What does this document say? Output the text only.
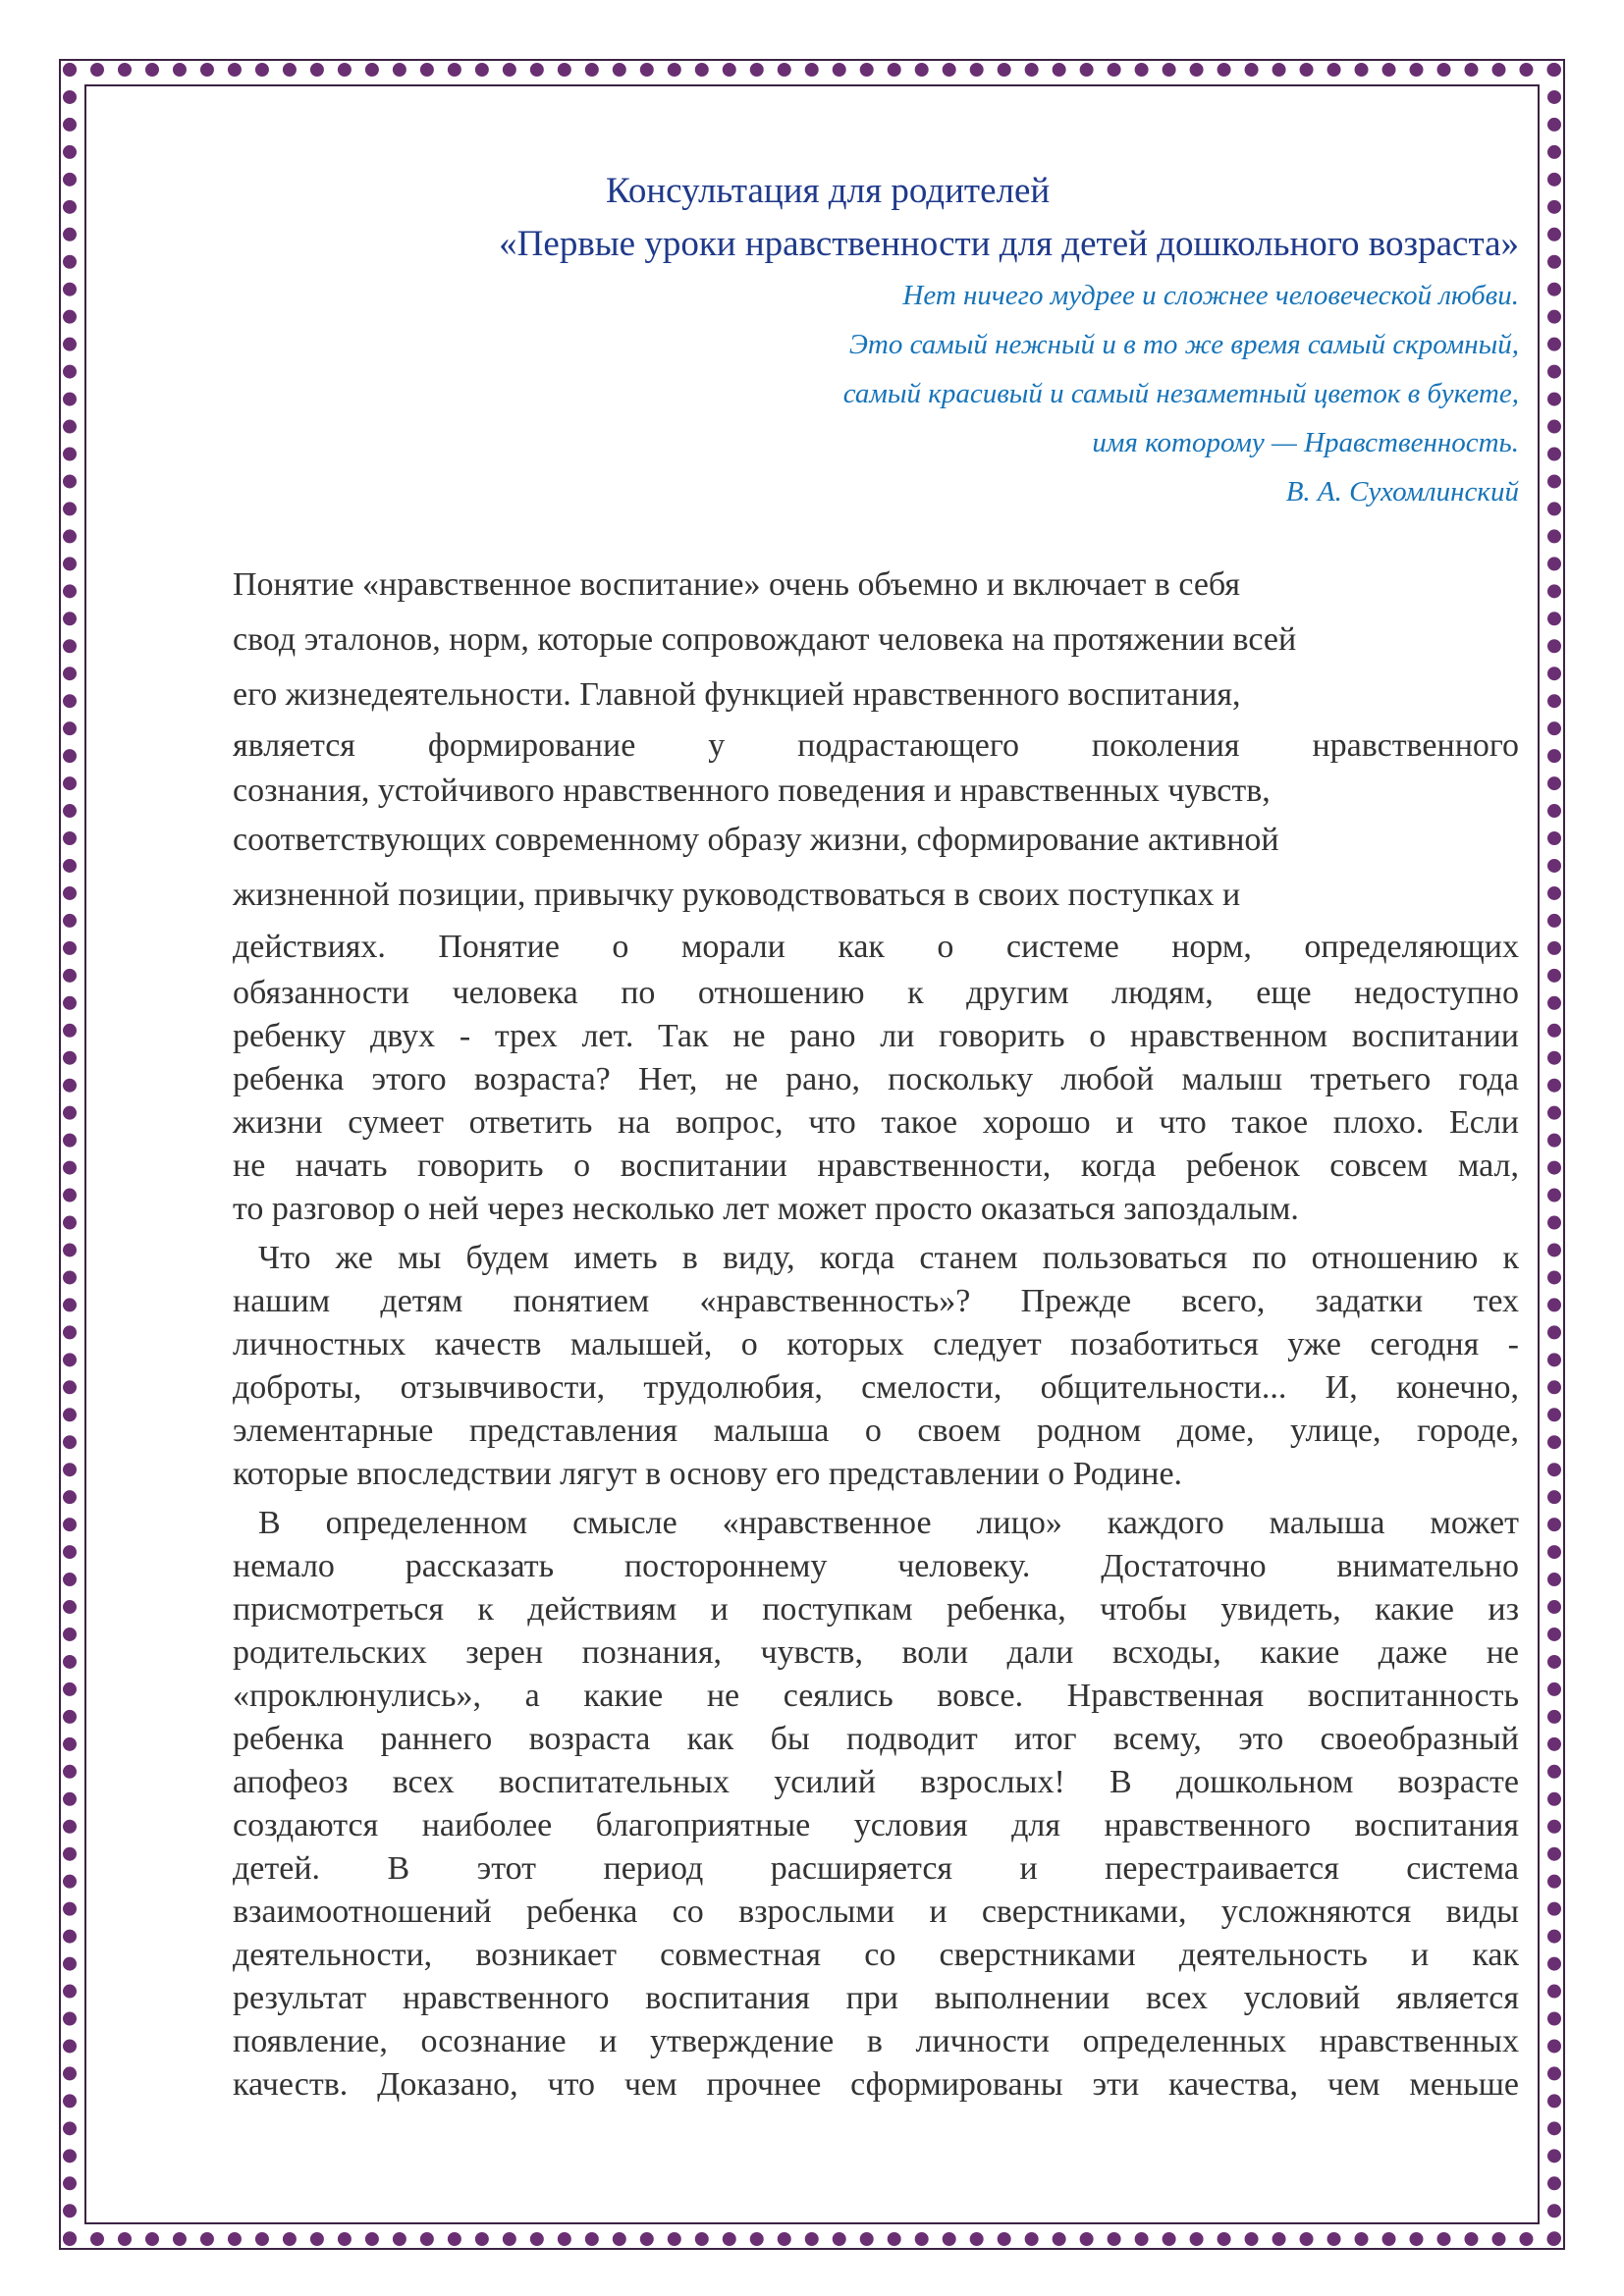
Консультация для родителей
«Первые уроки нравственности для детей дошкольного возраста»
Нет ничего мудрее и сложнее человеческой любви.
Это самый нежный и в то же время самый скромный,
самый красивый и самый незаметный цветок в букете,
имя которому — Нравственность.
В. А. Сухомлинский

Понятие «нравственное воспитание» очень объемно и включает в себя
свод эталонов, норм, которые сопровождают человека на протяжении всей
его жизнедеятельности. Главной функцией нравственного воспитания,
является формирование у подрастающего поколения нравственного
сознания, устойчивого нравственного поведения и нравственных чувств,
соответствующих современному образу жизни, сформирование активной
жизненной позиции, привычку руководствоваться в своих поступках и
действиях. Понятие о морали как о системе норм, определяющих
обязанности человека по отношению к другим людям, еще недоступно
ребенку двух - трех лет. Так не рано ли говорить о нравственном воспитании
ребенка этого возраста? Нет, не рано, поскольку любой малыш третьего года
жизни сумеет ответить на вопрос, что такое хорошо и что такое плохо. Если
не начать говорить о воспитании нравственности, когда ребенок совсем мал,
то разговор о ней через несколько лет может просто оказаться запоздалым.

Что же мы будем иметь в виду, когда станем пользоваться по отношению к
нашим детям понятием «нравственность»? Прежде всего, задатки тех
личностных качеств малышей, о которых следует позаботиться уже сегодня -
доброты, отзывчивости, трудолюбия, смелости, общительности... И, конечно,
элементарные представления малыша о своем родном доме, улице, городе,
которые впоследствии лягут в основу его представлении о Родине.

В определенном смысле «нравственное лицо» каждого малыша может
немало рассказать постороннему человеку. Достаточно внимательно
присмотреться к действиям и поступкам ребенка, чтобы увидеть, какие из
родительских зерен познания, чувств, воли дали всходы, какие даже не
«проклюнулись», а какие не сеялись вовсе. Нравственная воспитанность
ребенка раннего возраста как бы подводит итог всему, это своеобразный
апофеоз всех воспитательных усилий взрослых! В дошкольном возрасте
создаются наиболее благоприятные условия для нравственного воспитания
детей. В этот период расширяется и перестраивается система
взаимоотношений ребенка со взрослыми и сверстниками, усложняются виды
деятельности, возникает совместная со сверстниками деятельность и как
результат нравственного воспитания при выполнении всех условий является
появление, осознание и утверждение в личности определенных нравственных
качеств. Доказано, что чем прочнее сформированы эти качества, чем меньше
